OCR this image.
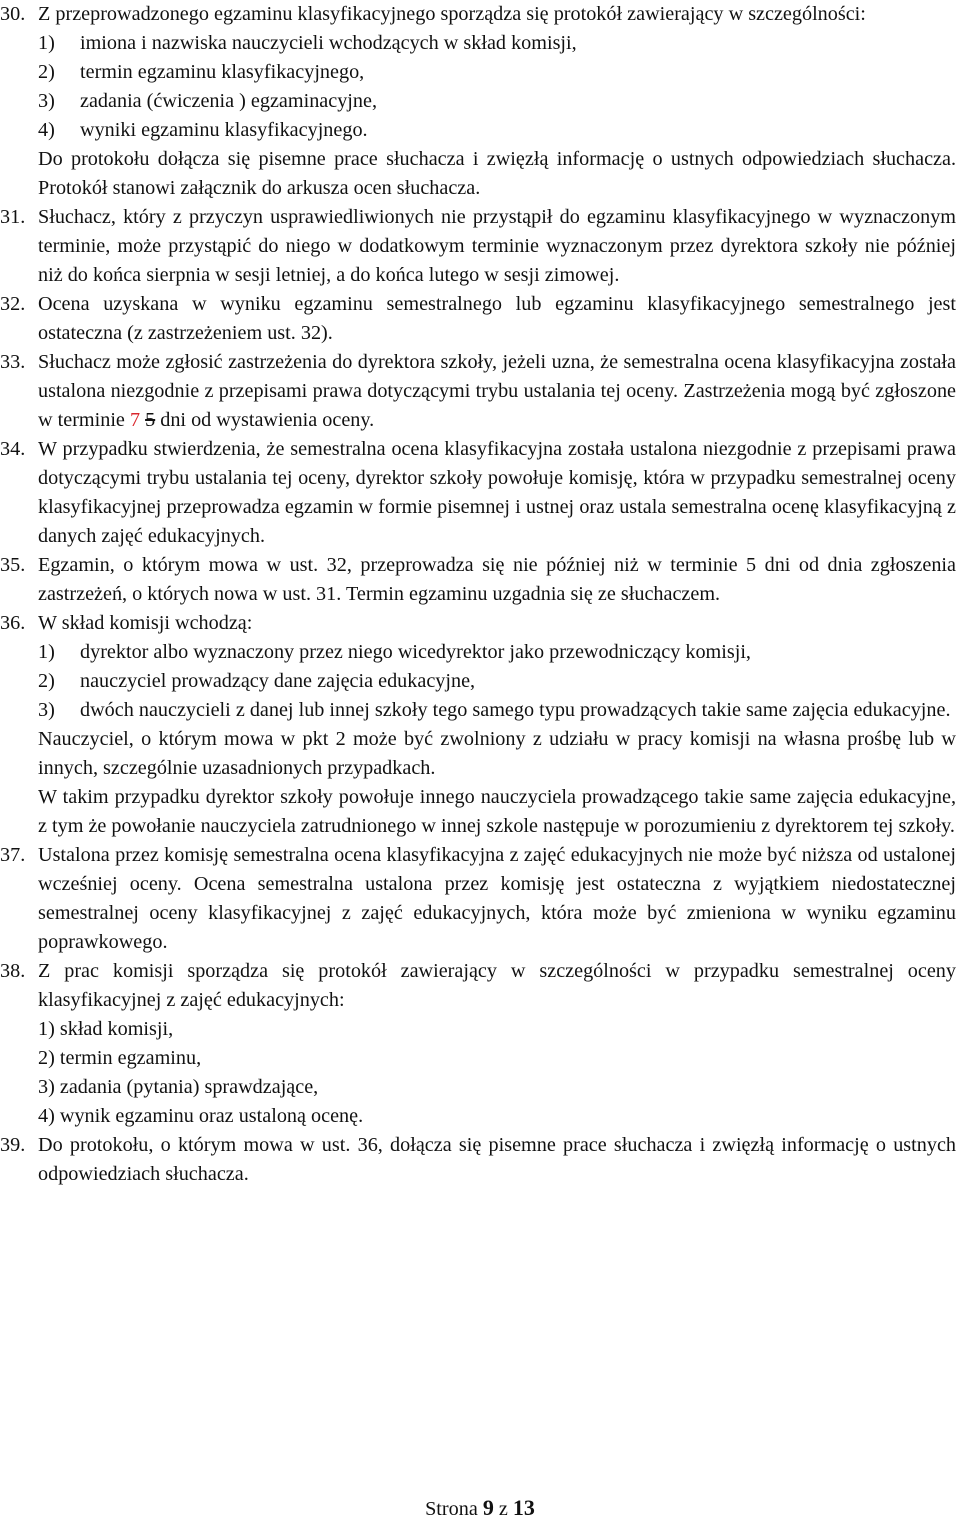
30. Z przeprowadzonego egzaminu klasyfikacyjnego sporządza się protokół zawierający w szczególności:
1) imiona i nazwiska nauczycieli wchodzących w skład komisji,
2) termin egzaminu klasyfikacyjnego,
3) zadania (ćwiczenia ) egzaminacyjne,
4) wyniki egzaminu klasyfikacyjnego.
Do protokołu dołącza się pisemne prace słuchacza i zwięzłą informację o ustnych odpowiedziach słuchacza. Protokół stanowi załącznik do arkusza ocen słuchacza.
31. Słuchacz, który z przyczyn usprawiedliwionych nie przystąpił do egzaminu klasyfikacyjnego w wyznaczonym terminie, może przystąpić do niego w dodatkowym terminie wyznaczonym przez dyrektora szkoły nie później niż do końca sierpnia w sesji letniej, a do końca lutego w sesji zimowej.
32. Ocena uzyskana w wyniku egzaminu semestralnego lub egzaminu klasyfikacyjnego semestralnego jest ostateczna (z zastrzeżeniem ust. 32).
33. Słuchacz może zgłosić zastrzeżenia do dyrektora szkoły, jeżeli uzna, że semestralna ocena klasyfikacyjna została ustalona niezgodnie z przepisami prawa dotyczącymi trybu ustalania tej oceny. Zastrzeżenia mogą być zgłoszone w terminie 7 5 dni od wystawienia oceny.
34. W przypadku stwierdzenia, że semestralna ocena klasyfikacyjna została ustalona niezgodnie z przepisami prawa dotyczącymi trybu ustalania tej oceny, dyrektor szkoły powołuje komisję, która w przypadku semestralnej oceny klasyfikacyjnej przeprowadza egzamin w formie pisemnej i ustnej oraz ustala semestralna ocenę klasyfikacyjną z danych zajęć edukacyjnych.
35. Egzamin, o którym mowa w ust. 32, przeprowadza się nie później niż w terminie 5 dni od dnia zgłoszenia zastrzeżeń, o których nowa w ust. 31. Termin egzaminu uzgadnia się ze słuchaczem.
36. W skład komisji wchodzą:
1) dyrektor albo wyznaczony przez niego wicedyrektor jako przewodniczący komisji,
2) nauczyciel prowadzący dane zajęcia edukacyjne,
3) dwóch nauczycieli z danej lub innej szkoły tego samego typu prowadzących takie same zajęcia edukacyjne.
Nauczyciel, o którym mowa w pkt 2 może być zwolniony z udziału w pracy komisji na własna prośbę lub w innych, szczególnie uzasadnionych przypadkach.
W takim przypadku dyrektor szkoły powołuje innego nauczyciela prowadzącego takie same zajęcia edukacyjne, z tym że powołanie nauczyciela zatrudnionego w innej szkole następuje w porozumieniu z dyrektorem tej szkoły.
37. Ustalona przez komisję semestralna ocena klasyfikacyjna z zajęć edukacyjnych nie może być niższa od ustalonej wcześniej oceny. Ocena semestralna ustalona przez komisję jest ostateczna z wyjątkiem niedostatecznej semestralnej oceny klasyfikacyjnej z zajęć edukacyjnych, która może być zmieniona w wyniku egzaminu poprawkowego.
38. Z prac komisji sporządza się protokół zawierający w szczególności w przypadku semestralnej oceny klasyfikacyjnej z zajęć edukacyjnych:
1) skład komisji,
2) termin egzaminu,
3) zadania (pytania) sprawdzające,
4) wynik egzaminu oraz ustaloną ocenę.
39. Do protokołu, o którym mowa w ust. 36, dołącza się pisemne prace słuchacza i zwięzłą informację o ustnych odpowiedziach słuchacza.
Strona 9 z 13
